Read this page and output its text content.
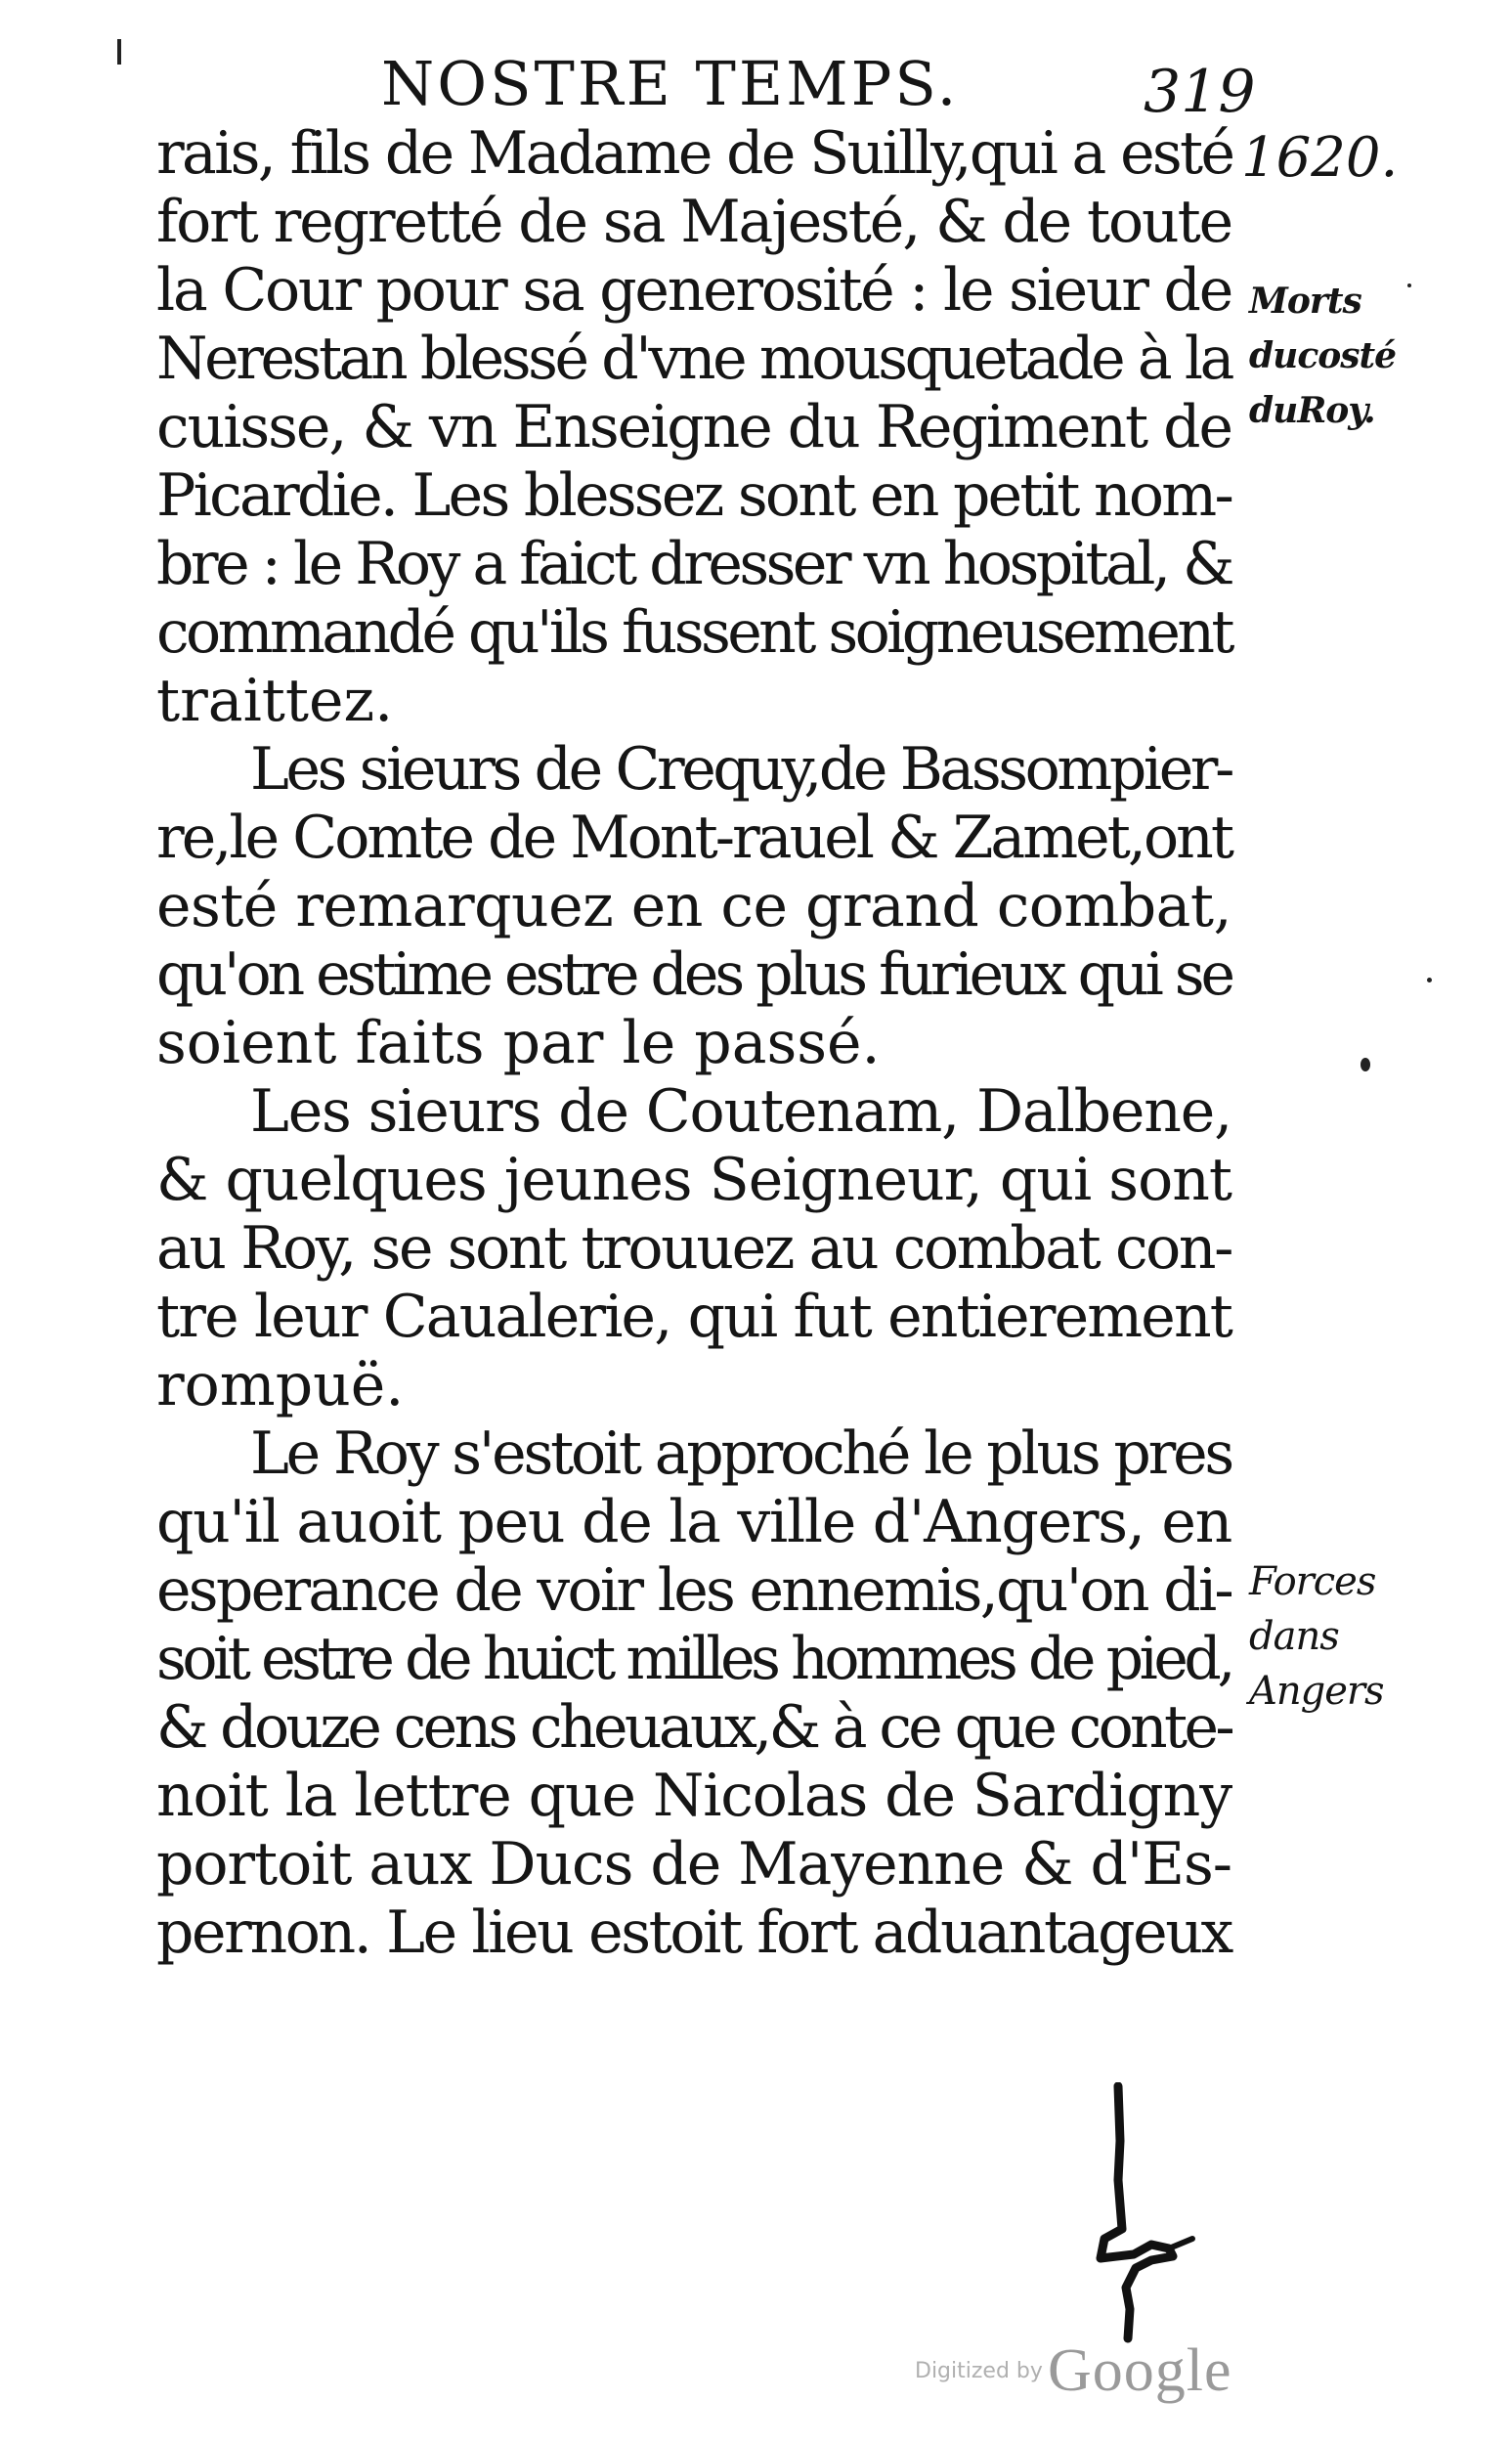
NOSTRE TEMPS.	319
1620.
rais, fils de Madame de Suilly,qui a esté
fort regretté de sa Majesté, & de toute
la Cour pour sa generosité : le sieur de
Nerestan blessé d'vne mousquetade à la
cuisse, & vn Enseigne du Regiment de
Picardie. Les blessez sont en petit nom-
bre : le Roy a faict dresser vn hospital, &
commandé qu'ils fussent soigneusement
traittez.
Les sieurs de Crequy,de Bassompier-
re,le Comte de Mont-rauel & Zamet,ont
esté remarquez en ce grand combat,
qu'on estime estre des plus furieux qui se
soient faits par le passé.
Les sieurs de Coutenam, Dalbene,
& quelques jeunes Seigneur, qui sont
au Roy, se sont trouuez au combat con-
tre leur Caualerie, qui fut entierement
rompuë.
Le Roy s'estoit approché le plus pres
qu'il auoit peu de la ville d'Angers, en
esperance de voir les ennemis,qu'on di-
soit estre de huict milles hommes de pied,
& douze cens cheuaux,& à ce que conte-
noit la lettre que Nicolas de Sardigny
portoit aux Ducs de Mayenne & d'Es-
pernon. Le lieu estoit fort aduantageux
Morts
ducosté
duRoy.
Forces
dans
Angers
Digitized by Google
